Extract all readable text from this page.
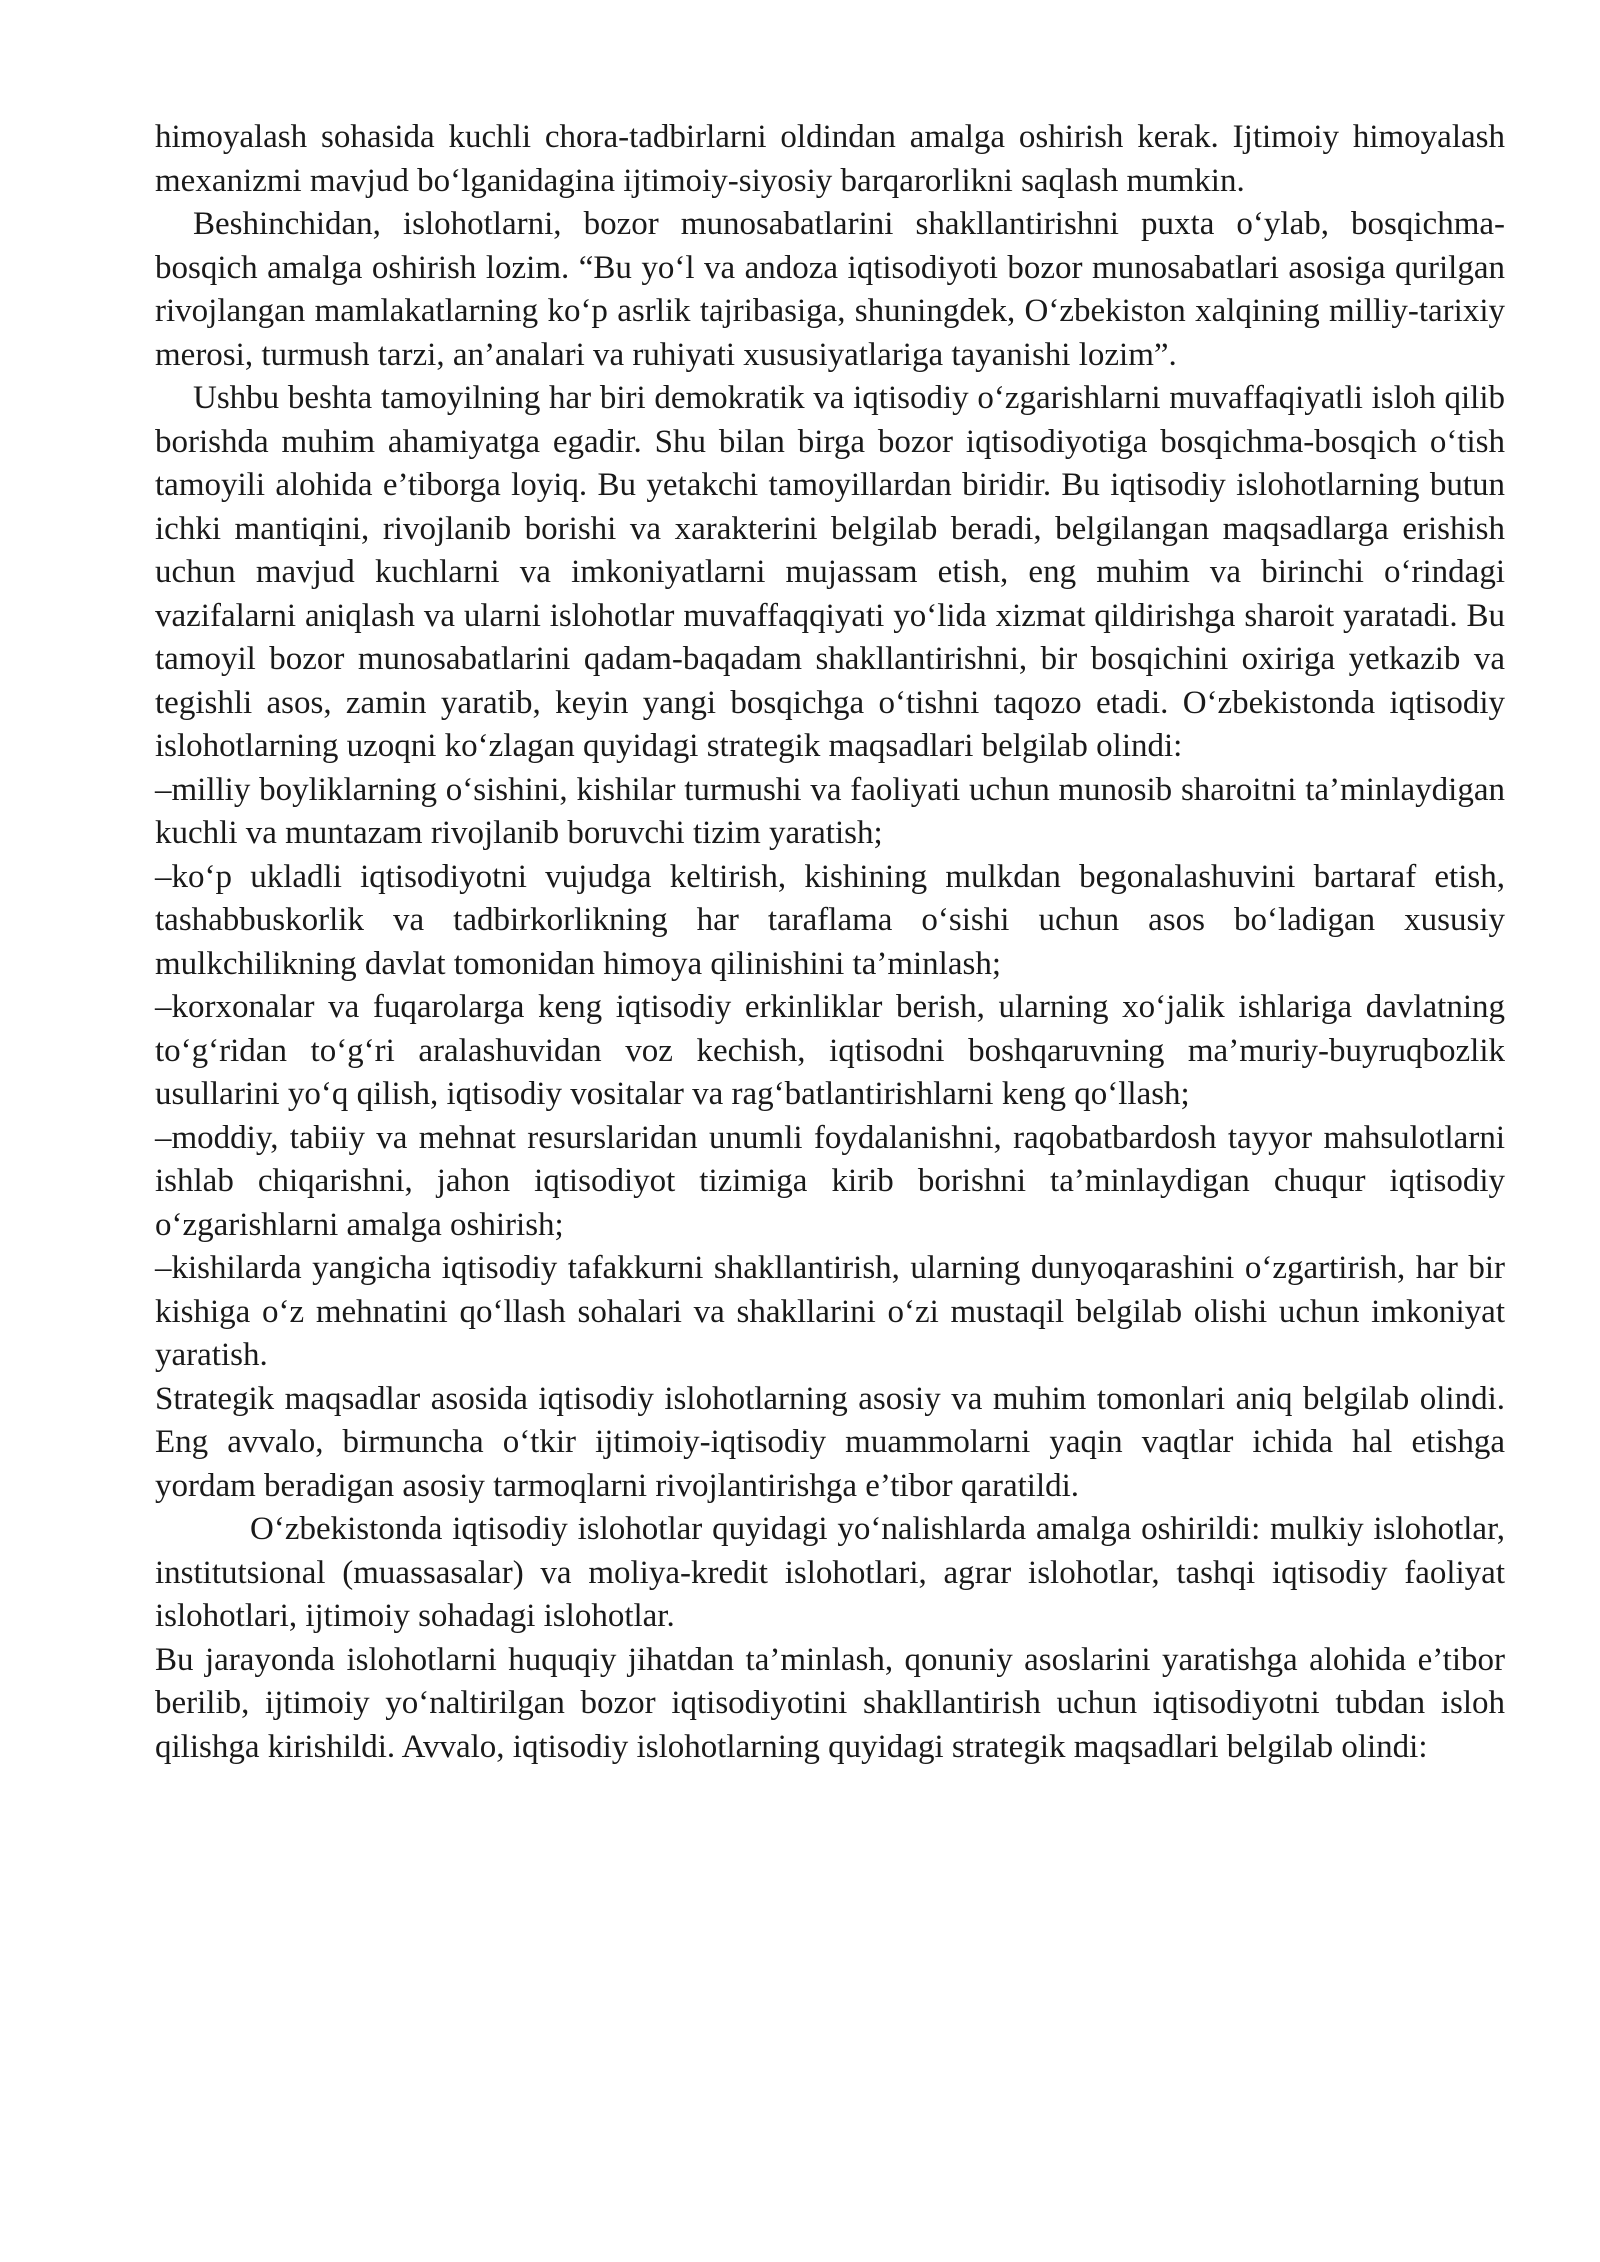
himoyalash sohasida kuchli chora-tadbirlarni oldindan amalga oshirish kerak. Ijtimoiy himoyalash mexanizmi mavjud bo‘lganidagina ijtimoiy-siyosiy barqarorlikni saqlash mumkin.

Beshinchidan, islohotlarni, bozor munosabatlarini shakllantirishni puxta o‘ylab, bosqichma-bosqich amalga oshirish lozim. “Bu yo‘l va andoza iqtisodiyoti bozor munosabatlari asosiga qurilgan rivojlangan mamlakatlarning ko‘p asrlik tajribasiga, shuningdek, O‘zbekiston xalqining milliy-tarixiy merosi, turmush tarzi, an’analari va ruhiyati xususiyatlariga tayanishi lozim”.

Ushbu beshta tamoyilning har biri demokratik va iqtisodiy o‘zgarishlarni muvaffaqiyatli isloh qilib borishda muhim ahamiyatga egadir. Shu bilan birga bozor iqtisodiyotiga bosqichma-bosqich o‘tish tamoyili alohida e’tiborga loyiq. Bu yetakchi tamoyillardan biridir. Bu iqtisodiy islohotlarning butun ichki mantiqini, rivojlanib borishi va xarakterini belgilab beradi, belgilangan maqsadlarga erishish uchun mavjud kuchlarni va imkoniyatlarni mujassam etish, eng muhim va birinchi o‘rindagi vazifalarni aniqlash va ularni islohotlar muvaffaqqiyati yo‘lida xizmat qildirishga sharoit yaratadi. Bu tamoyil bozor munosabatlarini qadam-baqadam shakllantirishni, bir bosqichini oxiriga yetkazib va tegishli asos, zamin yaratib, keyin yangi bosqichga o‘tishni taqozo etadi. O‘zbekistonda iqtisodiy islohotlarning uzoqni ko‘zlagan quyidagi strategik maqsadlari belgilab olindi:

–milliy boyliklarning o‘sishini, kishilar turmushi va faoliyati uchun munosib sharoitni ta’minlaydigan kuchli va muntazam rivojlanib boruvchi tizim yaratish;

–ko‘p ukladli iqtisodiyotni vujudga keltirish, kishining mulkdan begonalashuvini bartaraf etish, tashabbuskorlik va tadbirkorlikning har taraflama o‘sishi uchun asos bo‘ladigan xususiy mulkchilikning davlat tomonidan himoya qilinishini ta’minlash;

–korxonalar va fuqarolarga keng iqtisodiy erkinliklar berish, ularning xo‘jalik ishlariga davlatning to‘g‘ridan to‘g‘ri aralashuvidan voz kechish, iqtisodni boshqaruvning ma’muriy-buyruqbozlik usullarini yo‘q qilish, iqtisodiy vositalar va rag‘batlantirishlarni keng qo‘llash;

–moddiy, tabiiy va mehnat resurslaridan unumli foydalanishni, raqobatbardosh tayyor mahsulotlarni ishlab chiqarishni, jahon iqtisodiyot tizimiga kirib borishni ta’minlaydigan chuqur iqtisodiy o‘zgarishlarni amalga oshirish;

–kishilarda yangicha iqtisodiy tafakkurni shakllantirish, ularning dunyoqarashini o‘zgartirish, har bir kishiga o‘z mehnatini qo‘llash sohalari va shakllarini o‘zi mustaqil belgilab olishi uchun imkoniyat yaratish.

Strategik maqsadlar asosida iqtisodiy islohotlarning asosiy va muhim tomonlari aniq belgilab olindi. Eng avvalo, birmuncha o‘tkir ijtimoiy-iqtisodiy muammolarni yaqin vaqtlar ichida hal etishga yordam beradigan asosiy tarmoqlarni rivojlantirishga e’tibor qaratildi.

O‘zbekistonda iqtisodiy islohotlar quyidagi yo‘nalishlarda amalga oshirildi: mulkiy islohotlar, institutsional (muassasalar) va moliya-kredit islohotlari, agrar islohotlar, tashqi iqtisodiy faoliyat islohotlari, ijtimoiy sohadagi islohotlar.

Bu jarayonda islohotlarni huquqiy jihatdan ta’minlash, qonuniy asoslarini yaratishga alohida e’tibor berilib, ijtimoiy yo‘naltirilgan bozor iqtisodiyotini shakllantirish uchun iqtisodiyotni tubdan isloh qilishga kirishildi. Avvalo, iqtisodiy islohotlarning quyidagi strategik maqsadlari belgilab olindi:
